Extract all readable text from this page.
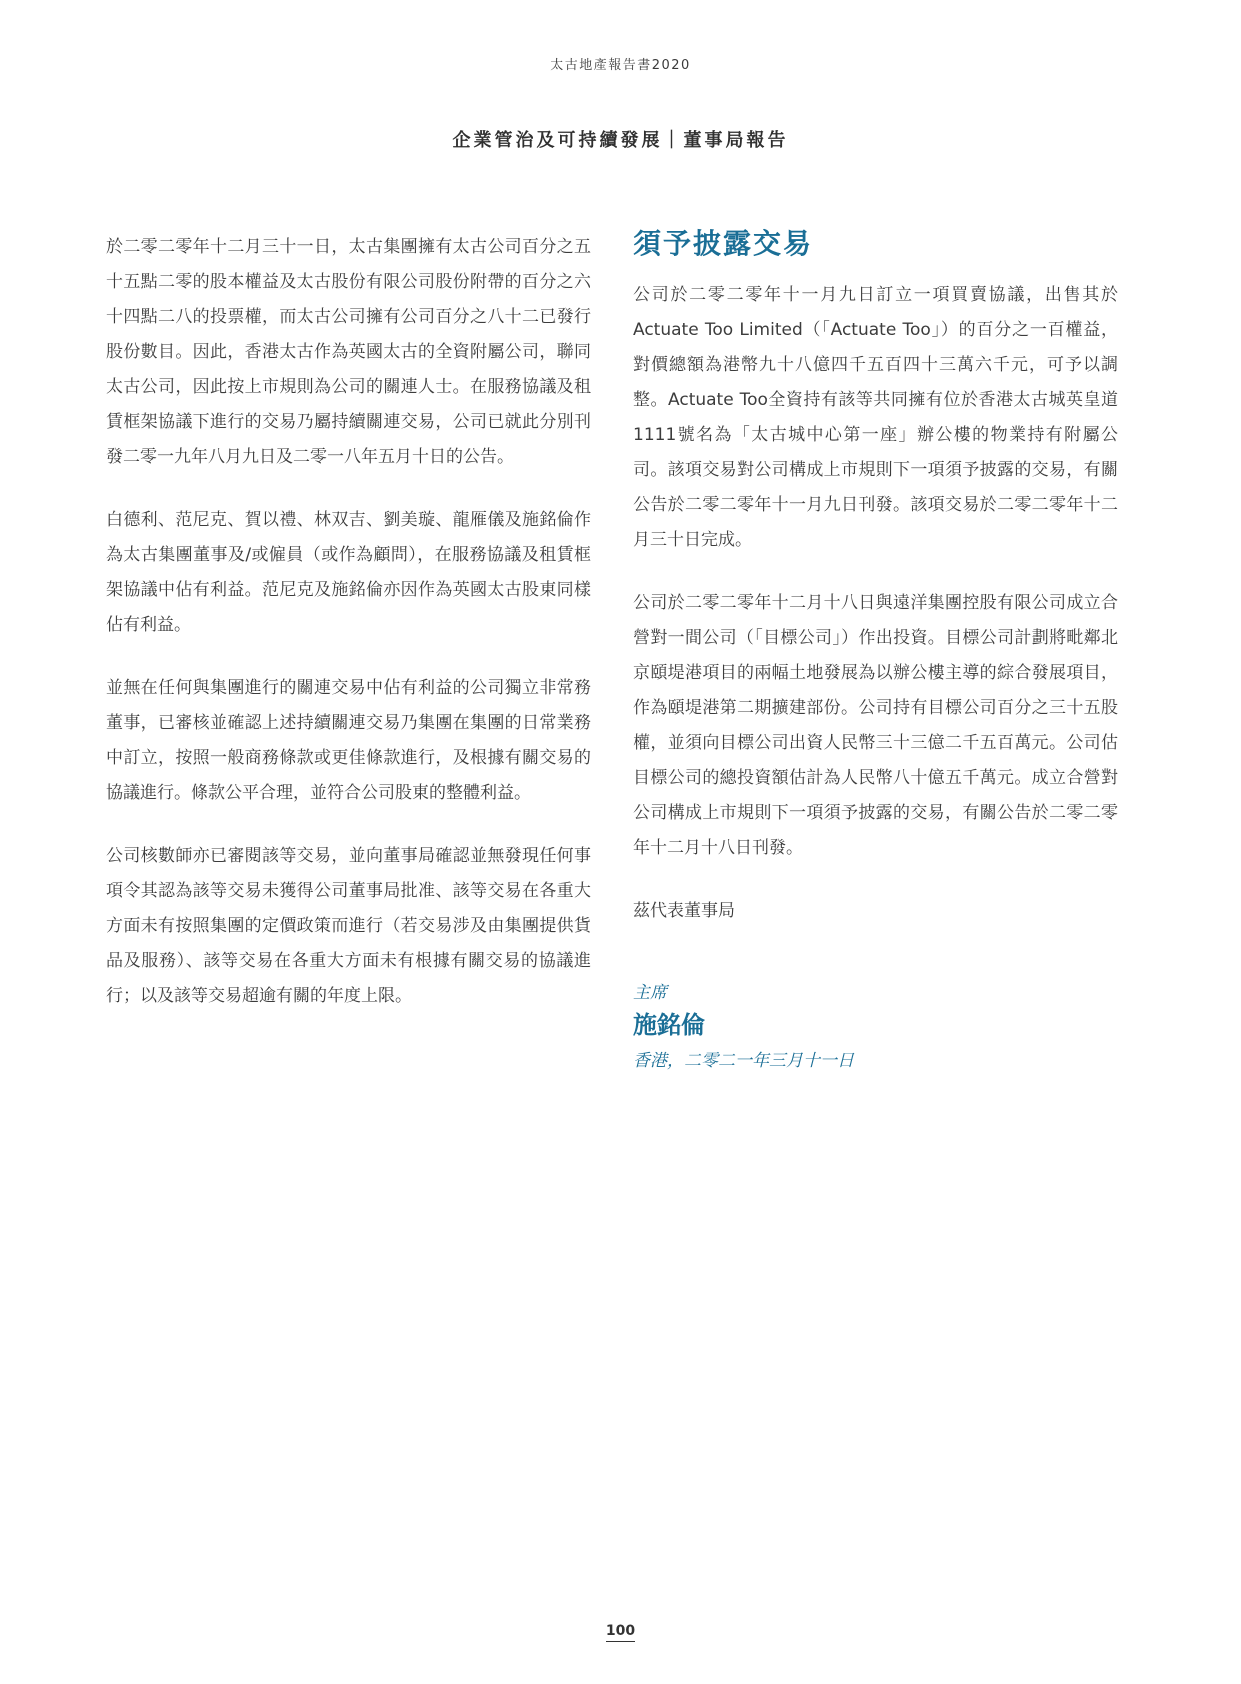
太古地產報告書2020
企業管治及可持續發展｜董事局報告

於二零二零年十二月三十一日，太古集團擁有太古公司百分之五十五點二零的股本權益及太古股份有限公司股份附帶的百分之六十四點二八的投票權，而太古公司擁有公司百分之八十二已發行股份數目。因此，香港太古作為英國太古的全資附屬公司，聯同太古公司，因此按上市規則為公司的關連人士。在服務協議及租賃框架協議下進行的交易乃屬持續關連交易，公司已就此分別刊發二零一九年八月九日及二零一八年五月十日的公告。

白德利、范尼克、賀以禮、林双吉、劉美璇、龍雁儀及施銘倫作為太古集團董事及/或僱員（或作為顧問），在服務協議及租賃框架協議中佔有利益。范尼克及施銘倫亦因作為英國太古股東同樣佔有利益。

並無在任何與集團進行的關連交易中佔有利益的公司獨立非常務董事，已審核並確認上述持續關連交易乃集團在集團的日常業務中訂立，按照一般商務條款或更佳條款進行，及根據有關交易的協議進行。條款公平合理，並符合公司股東的整體利益。

公司核數師亦已審閱該等交易，並向董事局確認並無發現任何事項令其認為該等交易未獲得公司董事局批准、該等交易在各重大方面未有按照集團的定價政策而進行（若交易涉及由集團提供貨品及服務）、該等交易在各重大方面未有根據有關交易的協議進行；以及該等交易超逾有關的年度上限。

須予披露交易

公司於二零二零年十一月九日訂立一項買賣協議，出售其於Actuate Too Limited（「Actuate Too」）的百分之一百權益，對價總額為港幣九十八億四千五百四十三萬六千元，可予以調整。Actuate Too全資持有該等共同擁有位於香港太古城英皇道1111號名為「太古城中心第一座」辦公樓的物業持有附屬公司。該項交易對公司構成上市規則下一項須予披露的交易，有關公告於二零二零年十一月九日刊發。該項交易於二零二零年十二月三十日完成。

公司於二零二零年十二月十八日與遠洋集團控股有限公司成立合營對一間公司（「目標公司」）作出投資。目標公司計劃將毗鄰北京頤堤港項目的兩幅土地發展為以辦公樓主導的綜合發展項目，作為頤堤港第二期擴建部份。公司持有目標公司百分之三十五股權，並須向目標公司出資人民幣三十三億二千五百萬元。公司估目標公司的總投資額估計為人民幣八十億五千萬元。成立合營對公司構成上市規則下一項須予披露的交易，有關公告於二零二零年十二月十八日刊發。

茲代表董事局

主席
施銘倫
香港，二零二一年三月十一日
100
